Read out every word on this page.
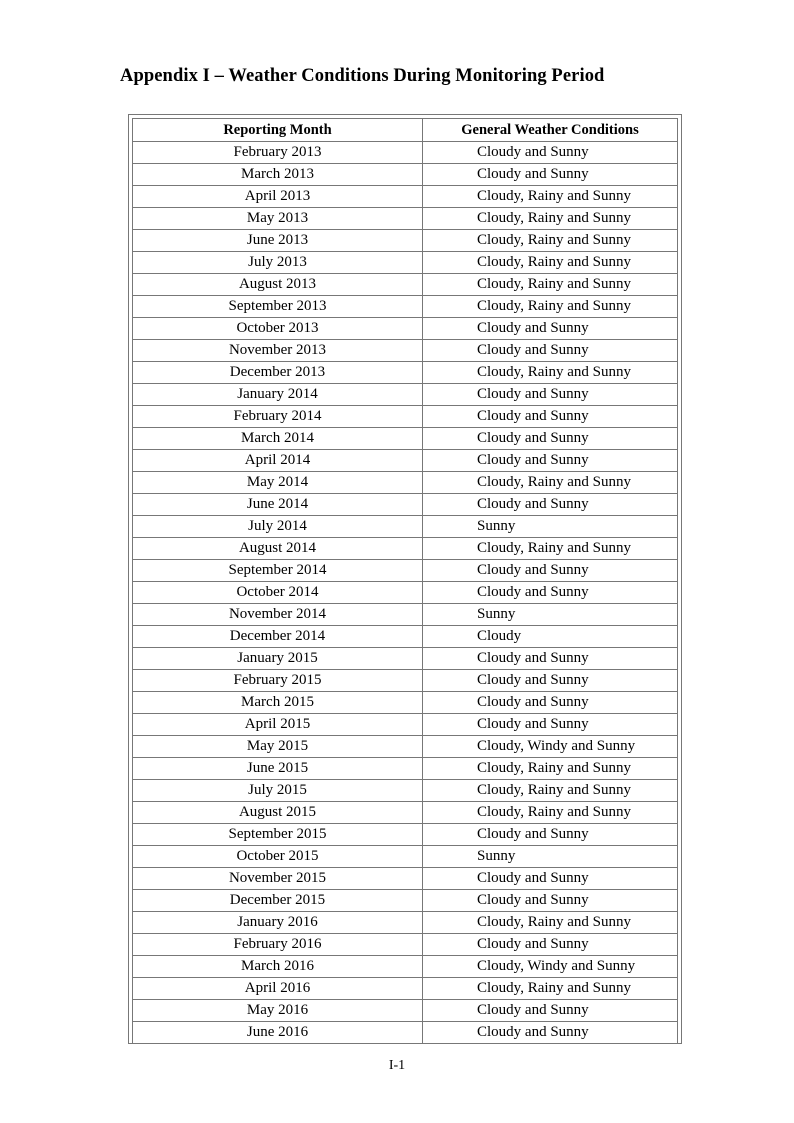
Appendix I – Weather Conditions During Monitoring Period
Reporting Month	General Weather Conditions
February 2013	Cloudy and Sunny
March 2013	Cloudy and Sunny
April 2013	Cloudy, Rainy and Sunny
May 2013	Cloudy, Rainy and Sunny
June 2013	Cloudy, Rainy and Sunny
July 2013	Cloudy, Rainy and Sunny
August 2013	Cloudy, Rainy and Sunny
September 2013	Cloudy, Rainy and Sunny
October 2013	Cloudy and Sunny
November 2013	Cloudy and Sunny
December 2013	Cloudy, Rainy and Sunny
January 2014	Cloudy and Sunny
February 2014	Cloudy and Sunny
March 2014	Cloudy and Sunny
April 2014	Cloudy and Sunny
May 2014	Cloudy, Rainy and Sunny
June 2014	Cloudy and Sunny
July 2014	Sunny
August 2014	Cloudy, Rainy and Sunny
September 2014	Cloudy and Sunny
October 2014	Cloudy and Sunny
November 2014	Sunny
December 2014	Cloudy
January 2015	Cloudy and Sunny
February 2015	Cloudy and Sunny
March 2015	Cloudy and Sunny
April 2015	Cloudy and Sunny
May 2015	Cloudy, Windy and Sunny
June 2015	Cloudy, Rainy and Sunny
July 2015	Cloudy, Rainy and Sunny
August 2015	Cloudy, Rainy and Sunny
September 2015	Cloudy and Sunny
October 2015	Sunny
November 2015	Cloudy and Sunny
December 2015	Cloudy and Sunny
January 2016	Cloudy, Rainy and Sunny
February 2016	Cloudy and Sunny
March 2016	Cloudy, Windy and Sunny
April 2016	Cloudy, Rainy and Sunny
May 2016	Cloudy and Sunny
June 2016	Cloudy and Sunny
I-1
